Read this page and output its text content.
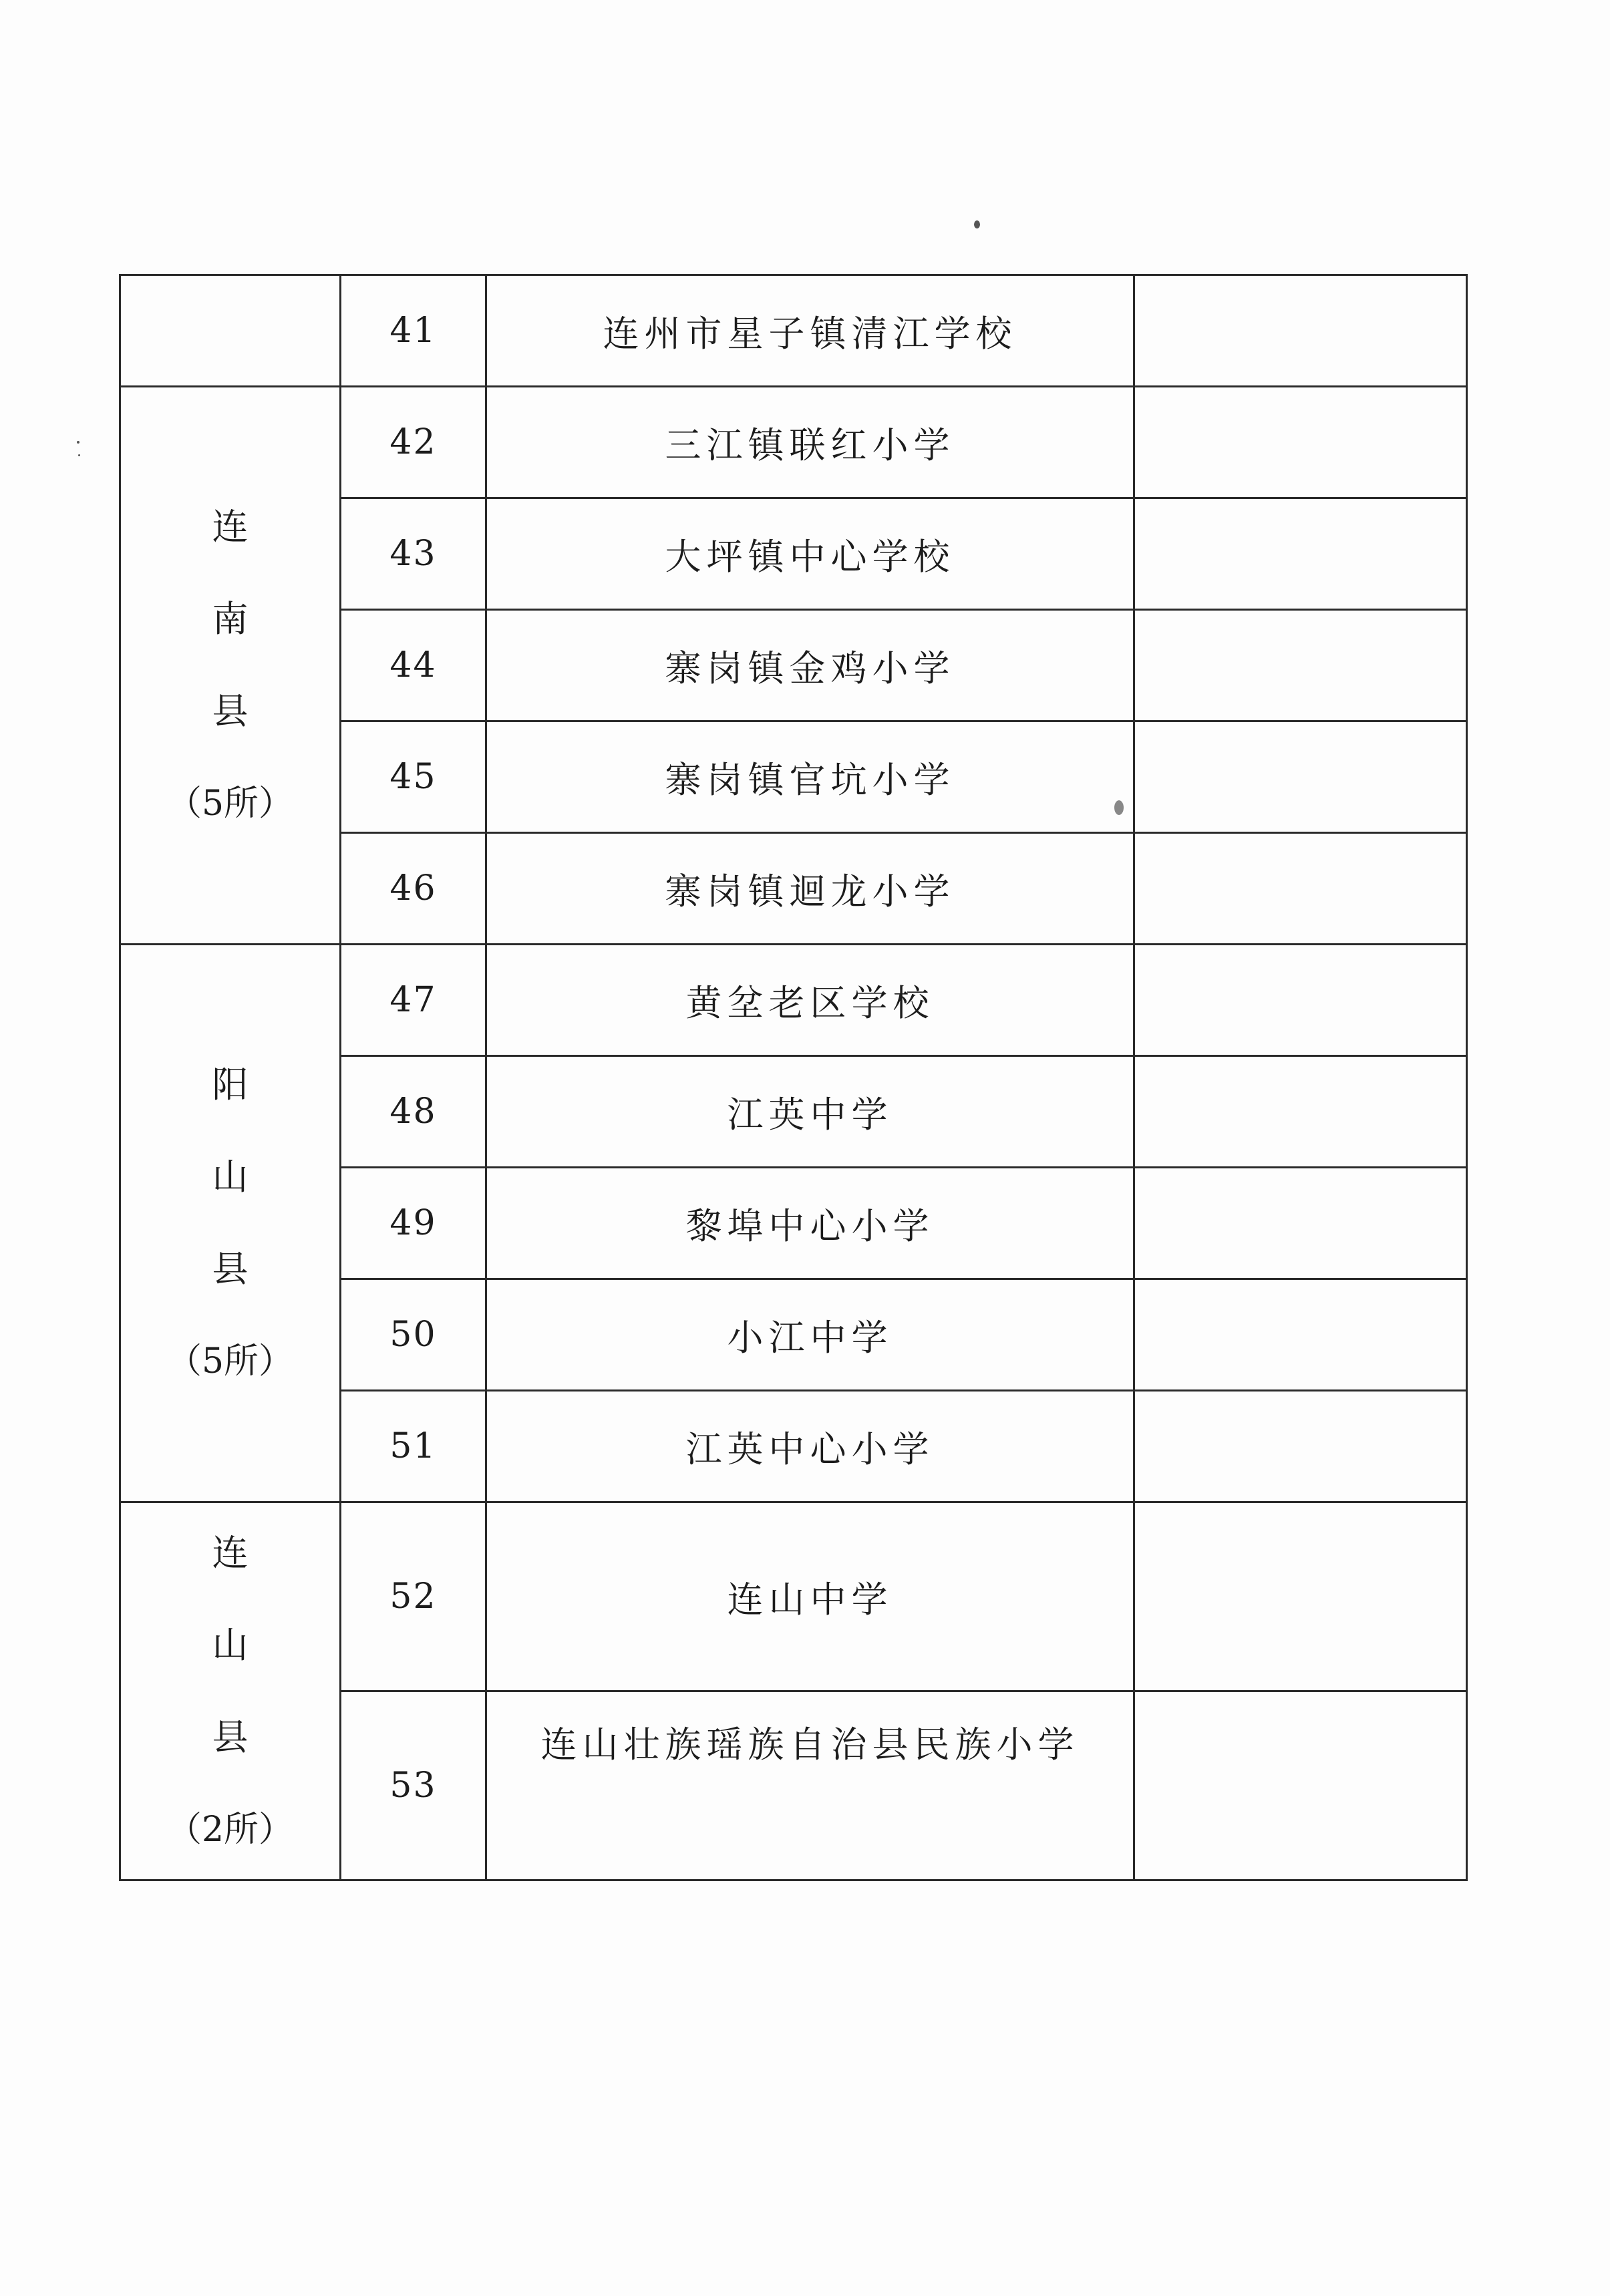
	41	连州市星子镇清江学校	

连
南
县
（5所）	42	三江镇联红小学	
	43	大坪镇中心学校	
	44	寨岗镇金鸡小学	
	45	寨岗镇官坑小学	
	46	寨岗镇迴龙小学	

阳
山
县
（5所）	47	黄坌老区学校	
	48	江英中学	
	49	黎埠中心小学	
	50	小江中学	
	51	江英中心小学	

连
山
县
（2所）	52	连山中学	
	53	连山壮族瑶族自治县民族小学	
